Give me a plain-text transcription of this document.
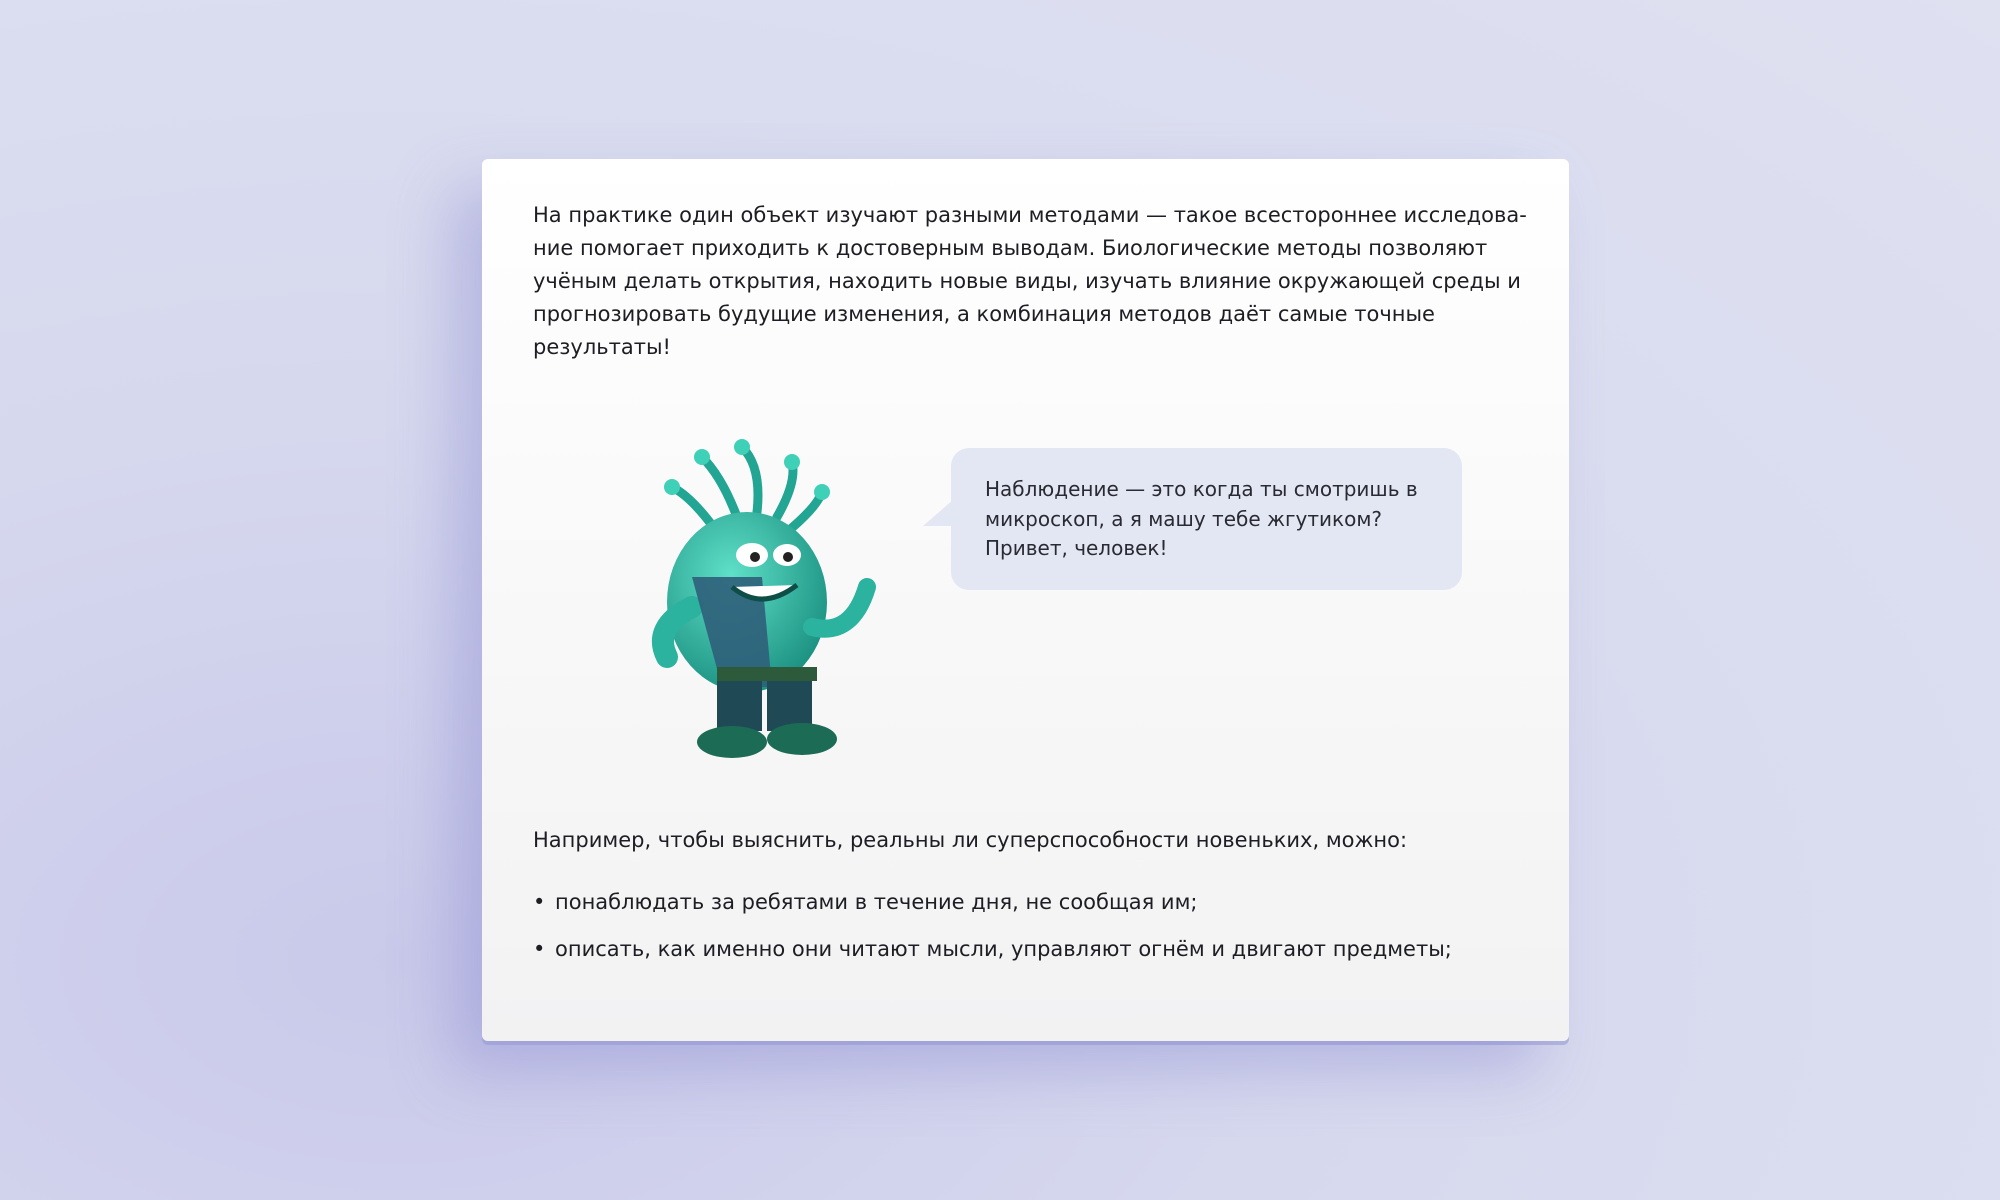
На практике один объект изучают разными методами — такое всестороннее исследование помогает приходить к достоверным выводам. Биологические методы позволяют учёным делать открытия, находить новые виды, изучать влияние окружающей среды и прогнозировать будущие изменения, а комбинация методов даёт самые точные результаты!

Наблюдение — это когда ты смотришь в микроскоп, а я машу тебе жгутиком? Привет, человек!

Например, чтобы выяснить, реальны ли суперспособности новеньких, можно:

• понаблюдать за ребятами в течение дня, не сообщая им;
• описать, как именно они читают мысли, управляют огнём и двигают предметы;
